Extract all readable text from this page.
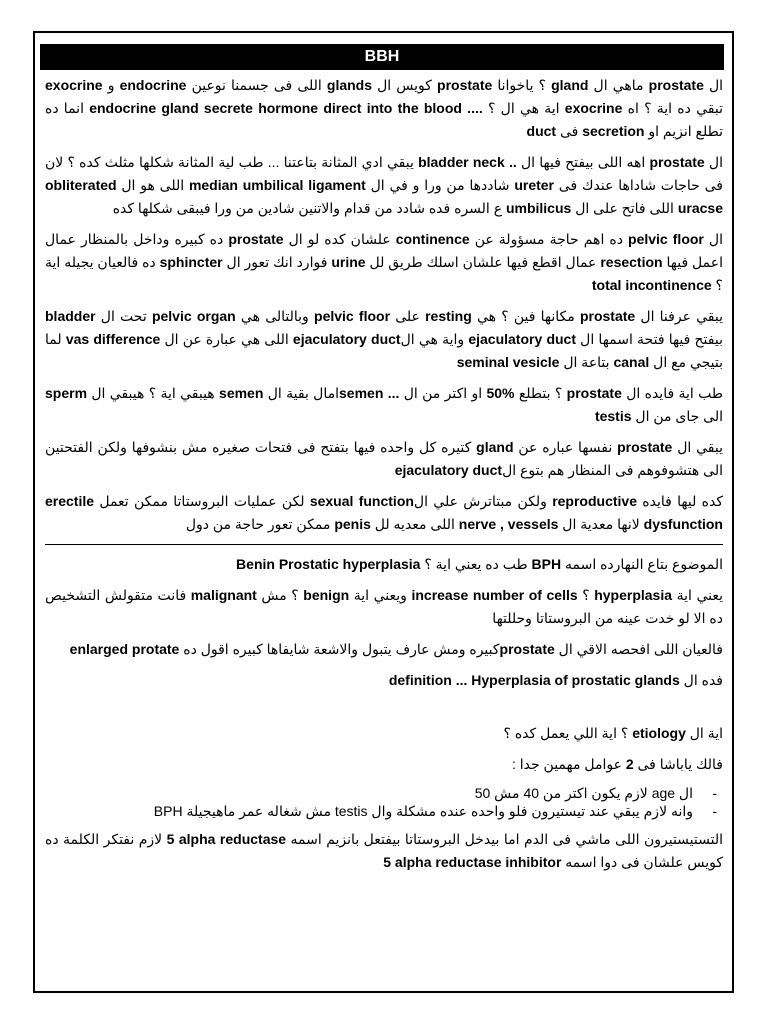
BBH

ال prostate ماهي ال gland ؟ ياخوانا prostate كويس ال glands اللى فى جسمنا نوعين endocrine و exocrine تبقي ده اية ؟ اه exocrine اية هي ال ؟ endocrine gland secrete hormone direct into the blood .... انما ده تطلع انزيم او secretion فى duct

ال prostate اهه اللى بيفتح فيها ال bladder neck .. يبقي ادي المثانة بتاعتنا ... طب لية المثانة شكلها مثلث كده ؟ لان فى حاجات شاداها عندك فى ureter شاددها من ورا و في ال median umbilical ligament اللى هو ال obliterated uracse اللى فاتح على ال umbilicus ع السره فده شادد من قدام والاتنين شادين من ورا فيبقى شكلها كده

ال pelvic floor ده اهم حاجة مسؤولة عن continence علشان كده لو ال prostate ده كبيره وداخل بالمنظار عمال اعمل فيها resection عمال اقطع فيها علشان اسلك طريق لل urine فوارد انك تعور ال sphincter ده فالعيان يجيله اية ؟ total incontinence

يبقي عرفنا ال prostate مكانها فين ؟ هي resting على pelvic floor وبالتالى هي pelvic organ تحت ال bladder بيفتح فيها فتحة اسمها ال ejaculatory duct واية هي الejaculatory duct اللى هي عبارة عن ال vas difference لما بتيجي مع ال canal بتاعة ال seminal vesicle

طب اية فايده ال prostate ؟ بتطلع 50% او اكتر من ال semen ...امال بقية ال semen هيبقي اية ؟ هيبقي ال sperm الى جاى من ال testis

يبقي ال prostate نفسها عباره عن gland كتيره كل واحده فيها بتفتح فى فتحات صغيره مش بنشوفها ولكن الفتحتين الى هتشوفوهم فى المنظار هم بتوع الejaculatory duct

كده ليها فايده reproductive ولكن مبتاترش علي الsexual function لكن عمليات البروستاتا ممكن تعمل erectile dysfunction لانها معدية ال nerve , vessels اللى معديه لل penis ممكن تعور حاجة من دول

الموضوع بتاع النهارده اسمه BPH طب ده يعني اية ؟ Benin Prostatic hyperplasia

يعني اية hyperplasia ؟ increase number of cells ويعني اية benign ؟ مش malignant فانت متقولش التشخيص ده الا لو خدت عينه من البروستاتا وحللتها

فالعيان اللى افحصه الاقي ال prostateكبيره ومش عارف يتبول والاشعة شايفاها كبيره اقول ده enlarged protate

فده ال definition ... Hyperplasia of prostatic glands

اية ال etiology ؟ اية اللي يعمل كده ؟

فالك ياباشا فى 2 عوامل مهمين جدا :

-
ال age لازم يكون اكتر من 40 مش 50
-
وانه لازم يبقي عند تيستيرون فلو واحده عنده مشكلة وال testis مش شغاله عمر ماهيجيلة BPH

التستيستيرون اللى ماشي فى الدم اما بيدخل البروستاتا بيفتعل بانزيم اسمه 5 alpha reductase لازم نفتكر الكلمة ده كويس علشان فى دوا اسمه 5 alpha reductase inhibitor
